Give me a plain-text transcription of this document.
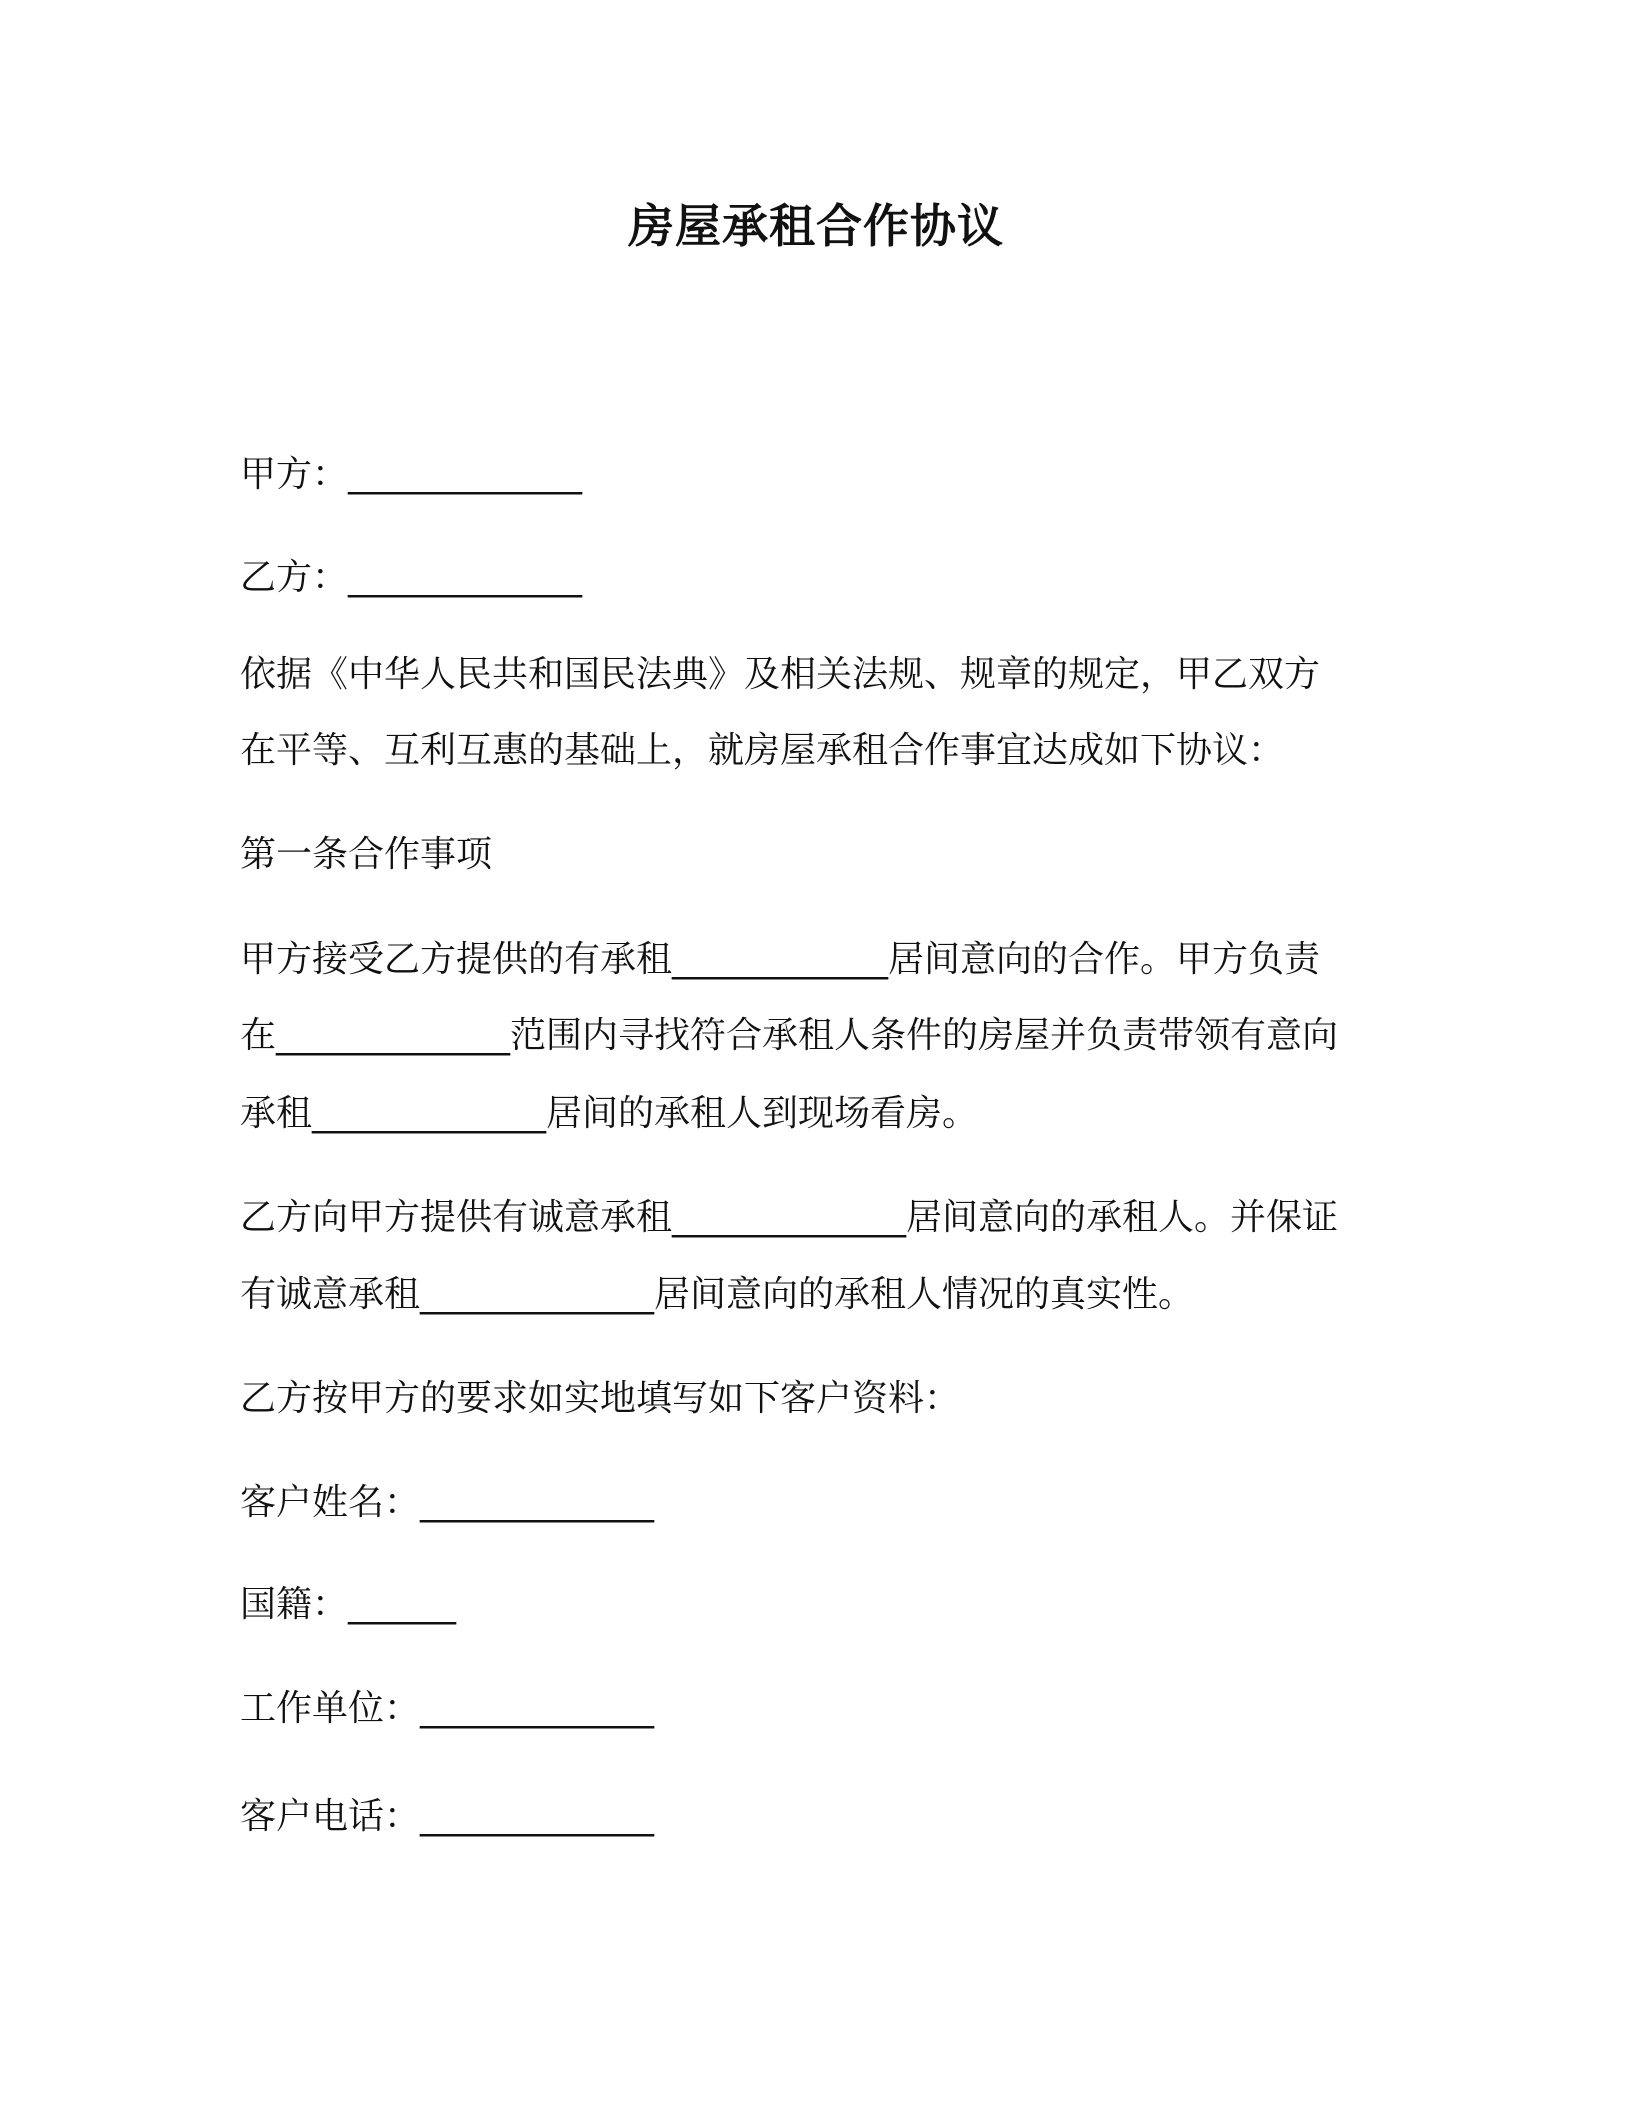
房屋承租合作协议
甲方：_____________
乙方：_____________
依据《中华人民共和国民法典》及相关法规、规章的规定，甲乙双方
在平等、互利互惠的基础上，就房屋承租合作事宜达成如下协议：
第一条合作事项
甲方接受乙方提供的有承租____________居间意向的合作。甲方负责
在_____________范围内寻找符合承租人条件的房屋并负责带领有意向
承租_____________居间的承租人到现场看房。
乙方向甲方提供有诚意承租_____________居间意向的承租人。并保证
有诚意承租_____________居间意向的承租人情况的真实性。
乙方按甲方的要求如实地填写如下客户资料：
客户姓名：_____________
国籍：______
工作单位：_____________
客户电话：_____________
